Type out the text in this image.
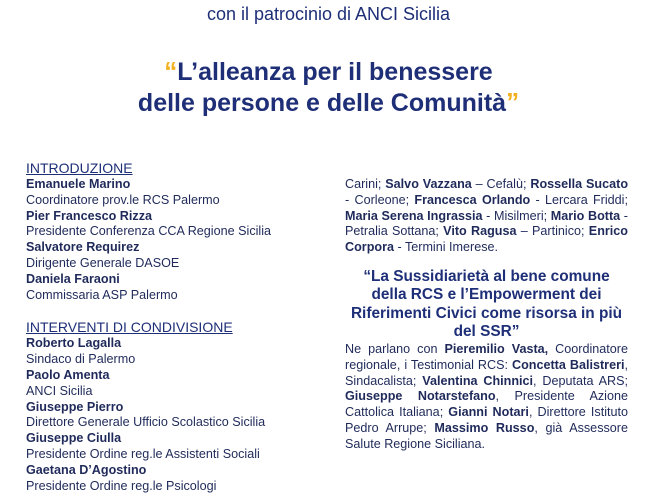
con il patrocinio di ANCI Sicilia
“L’alleanza per il benessere
delle persone e delle Comunità”
INTRODUZIONE
Emanuele Marino
Coordinatore prov.le RCS Palermo
Pier Francesco Rizza
Presidente Conferenza CCA Regione Sicilia
Salvatore Requirez
Dirigente Generale DASOE
Daniela Faraoni
Commissaria ASP Palermo
INTERVENTI DI CONDIVISIONE
Roberto Lagalla
Sindaco di Palermo
Paolo Amenta
ANCI Sicilia
Giuseppe Pierro
Direttore Generale Ufficio Scolastico Sicilia
Giuseppe Ciulla
Presidente Ordine reg.le Assistenti Sociali
Gaetana D’Agostino
Presidente Ordine reg.le Psicologi
Carini; Salvo Vazzana – Cefalù; Rossella Sucato - Corleone; Francesca Orlando - Lercara Friddi; Maria Serena Ingrassia - Misilmeri; Mario Botta - Petralia Sottana; Vito Ragusa – Partinico; Enrico Corpora - Termini Imerese.
“La Sussidiarietà al bene comune della RCS e l’Empowerment dei Riferimenti Civici come risorsa in più del SSR”
Ne parlano con Pieremilio Vasta, Coordinatore regionale, i Testimonial RCS: Concetta Balistreri, Sindacalista; Valentina Chinnici, Deputata ARS; Giuseppe Notarstefano, Presidente Azione Cattolica Italiana; Gianni Notari, Direttore Istituto Pedro Arrupe; Massimo Russo, già Assessore Salute Regione Siciliana.
